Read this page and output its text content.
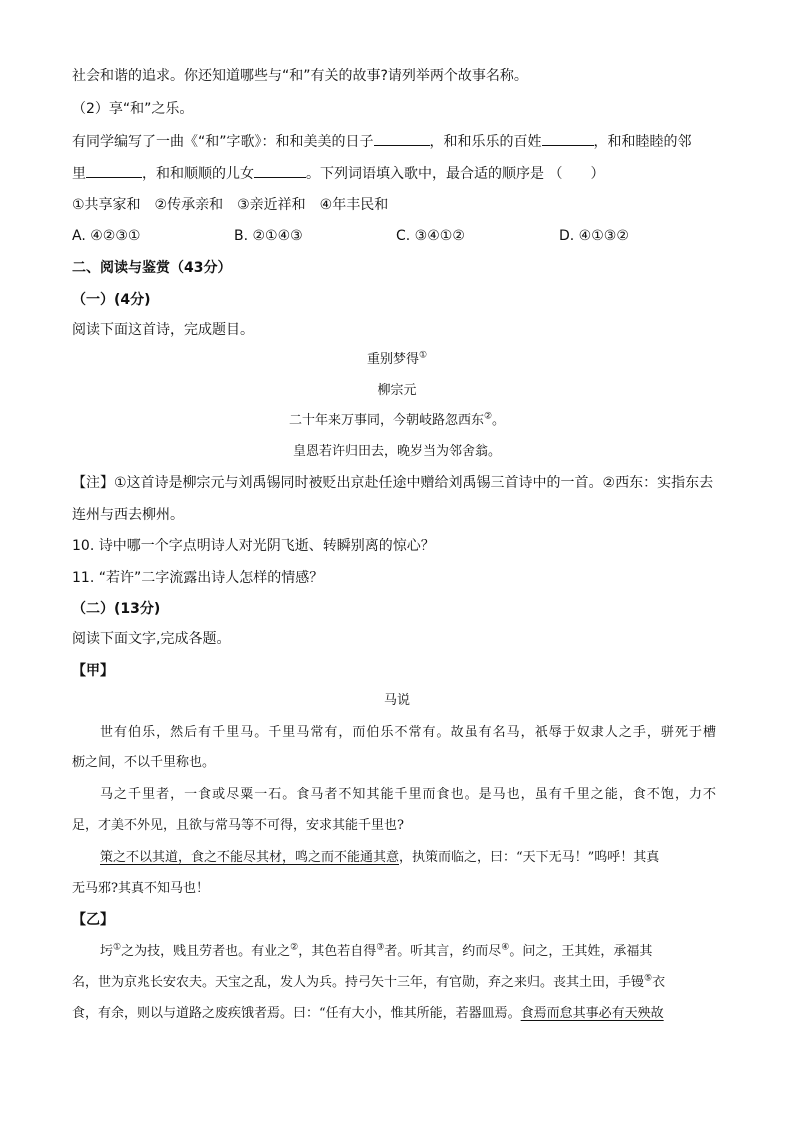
社会和谐的追求。你还知道哪些与“和”有关的故事?请列举两个故事名称。
（2）享“和”之乐。
有同学编写了一曲《“和”字歌》：和和美美的日子	，和和乐乐的百姓	，和和睦睦的邻
里	，和和顺顺的儿女	。下列词语填入歌中，最合适的顺序是 （　　）
①共享家和　②传承亲和　③亲近祥和　④年丰民和
A. ④②③①	B. ②①④③	C. ③④①②	D. ④①③②
二、阅读与鉴赏（43分）
（一）(4分)
阅读下面这首诗，完成题目。
重别梦得①
柳宗元
二十年来万事同，今朝岐路忽西东②。
皇恩若许归田去，晚岁当为邻舍翁。
【注】①这首诗是柳宗元与刘禹锡同时被贬出京赴任途中赠给刘禹锡三首诗中的一首。②西东：实指东去
连州与西去柳州。
10. 诗中哪一个字点明诗人对光阴飞逝、转瞬别离的惊心？
11. “若许”二字流露出诗人怎样的情感？
（二）(13分)
阅读下面文字,完成各题。
【甲】
马说
世有伯乐，然后有千里马。千里马常有，而伯乐不常有。故虽有名马，祇辱于奴隶人之手，骈死于槽
枥之间，不以千里称也。
马之千里者，一食或尽粟一石。食马者不知其能千里而食也。是马也，虽有千里之能，食不饱，力不
足，才美不外见，且欲与常马等不可得，安求其能千里也?
策之不以其道，食之不能尽其材，鸣之而不能通其意，执策而临之，曰：“天下无马！”呜呼！其真
无马邪?其真不知马也！
【乙】
圬①之为技，贱且劳者也。有业之②，其色若自得③者。听其言，约而尽④。问之，王其姓，承福其
名，世为京兆长安农夫。天宝之乱，发人为兵。持弓矢十三年，有官勋，弃之来归。丧其土田，手镘⑤衣
食，有余，则以与道路之废疾饿者焉。曰：“任有大小，惟其所能，若器皿焉。食焉而怠其事必有天殃故
